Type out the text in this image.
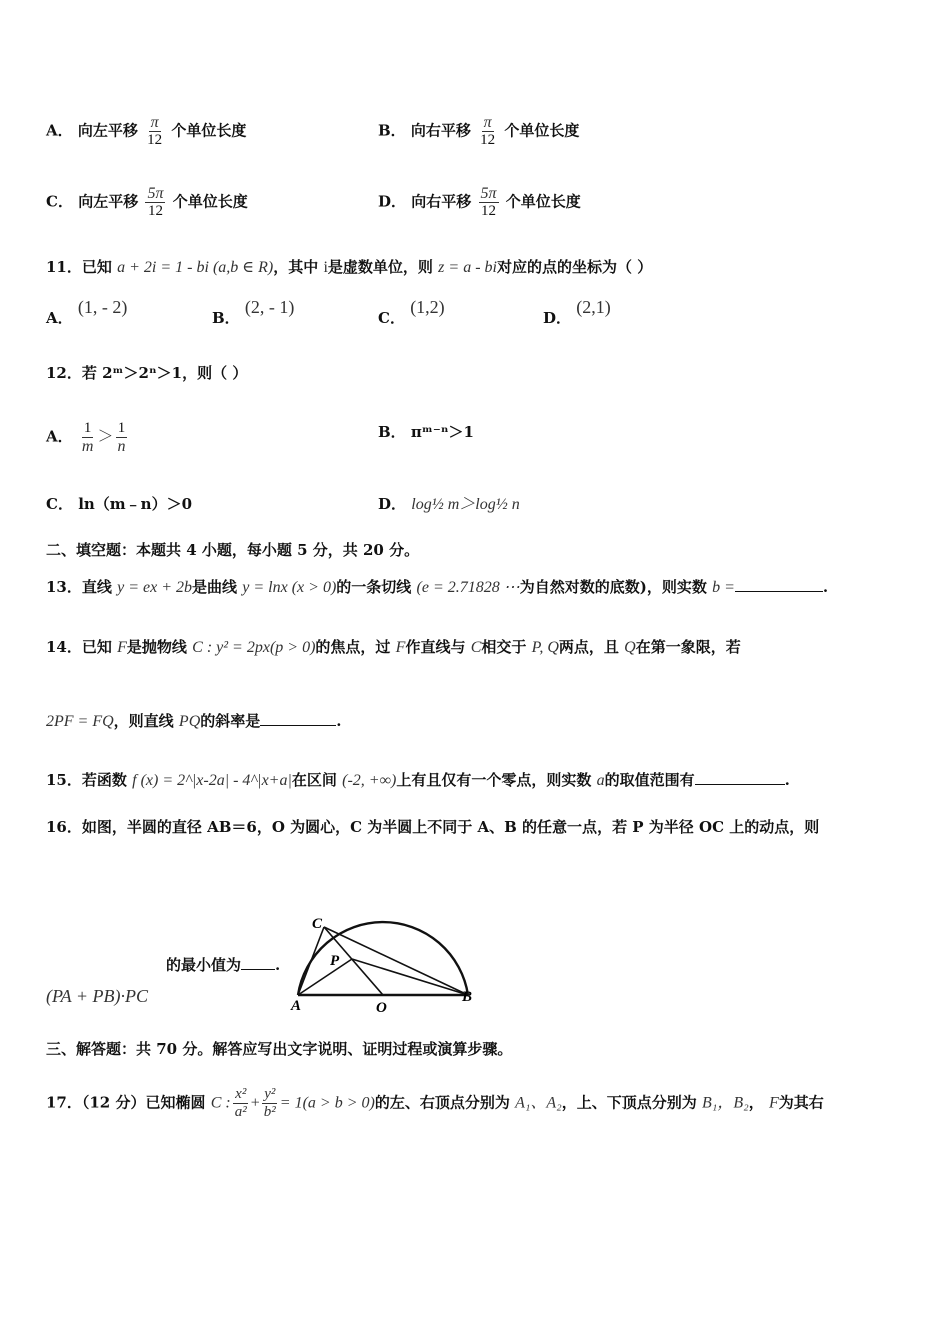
A． 向左平移 $\frac{\pi}{12}$ 个单位长度	B． 向右平移 $\frac{\pi}{12}$ 个单位长度
C． 向左平移 $\frac{5\pi}{12}$ 个单位长度	D． 向右平移 $\frac{5\pi}{12}$ 个单位长度
11．已知 a + 2i = 1 - bi (a,b ∈ R)，其中 i是虚数单位，则 z = a - bi对应的点的坐标为（ ）
A． (1, - 2)
B． (2, - 1)
C． (1,2)
D． (2,1)
12．若 2ᵐ＞2ⁿ＞1，则（ ）
A． $\frac{1}{m} > \frac{1}{n}$	B． πᵐ⁻ⁿ＞1
C． ln（m﹣n）＞0	D． log½ m＞log½ n
二、填空题：本题共 4 小题，每小题 5 分，共 20 分。
13．直线 y = ex + 2b是曲线 y = lnx (x > 0)的一条切线 (e = 2.71828 ⋯为自然对数的底数)，则实数 b =	.
14．已知 F是抛物线 C : y² = 2px(p > 0)的焦点，过 F作直线与 C相交于 P, Q两点，且 Q在第一象限，若
2PF = FQ，则直线 PQ的斜率是	.
15．若函数 f (x) = 2^|x-2a| - 4^|x+a|在区间 (-2, +∞)上有且仅有一个零点，则实数 a的取值范围有	.
16．如图，半圆的直径 AB＝6，O 为圆心，C 为半圆上不同于 A、B 的任意一点，若 P 为半径 OC 上的动点，则
的最小值为 .
(PA + PB)·PC
C
P
A	O
B
三、解答题：共 70 分。解答应写出文字说明、证明过程或演算步骤。
17．（12 分）已知椭圆 C : $\frac{\text{x²}}{\text{a²}} + \frac{\text{y²}}{\text{b²}} = 1(a > b > 0)$的左、右顶点分别为 A₁、A₂，上、下顶点分别为 B₁，B₂， F为其右
